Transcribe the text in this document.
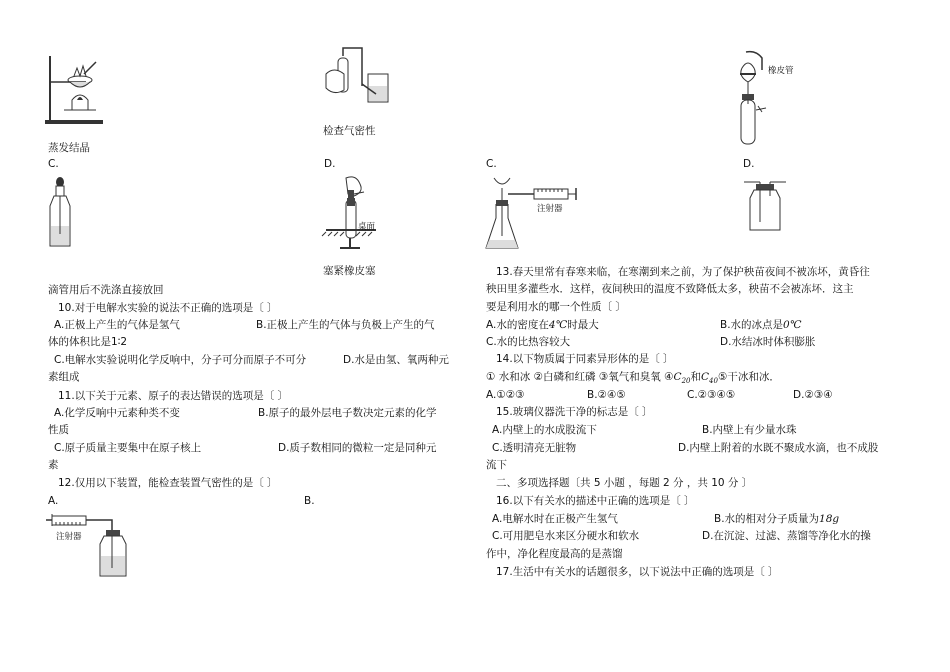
蒸发结晶
检查气密性
C.	D.
滴管用后不洗涤直接放回
桌面
塞紧橡皮塞
橡皮管
C.	D.
注射器
10.对于电解水实验的说法不正确的选项是〔 〕
A.正极上产生的气体是氢气	B.正极上产生的气体与负极上产生的气
体的体积比是1∶2
C.电解水实验说明化学反响中，分子可分而原子不可分	D.水是由氢、氧两种元
素组成
11.以下关于元素、原子的表达错误的选项是〔 〕
A.化学反响中元素种类不变	B.原子的最外层电子数决定元素的化学
性质
C.原子质量主要集中在原子核上	D.质子数相同的微粒一定是同种元
素
12.仅用以下装置，能检查装置气密性的是〔 〕
A.	B.
注射器
13.春天里常有春寒来临，在寒潮到来之前，为了保护秧苗夜间不被冻坏，黄昏往
秧田里多灌些水．这样，夜间秧田的温度不致降低太多，秧苗不会被冻坏．这主
要是利用水的哪一个性质〔 〕
A.水的密度在4℃时最大	B.水的冰点是0℃
C.水的比热容较大	D.水结冰时体积膨胀
14.以下物质属于同素异形体的是〔 〕
① 水和冰 ②白磷和红磷 ③氧气和臭氧 $④C_{20}$和$C_{40}⑤$干冰和冰．
A.①②③	B.②④⑤	C.②③④⑤	D.②③④
15.玻璃仪器洗干净的标志是〔 〕
A.内壁上的水成股流下	B.内壁上有少量水珠
C.透明清亮无脏物	D.内壁上附着的水既不聚成水滴，也不成股
流下
二、多项选择题〔共 5 小题 ，每题 2 分 ，共 10 分 〕
16.以下有关水的描述中正确的选项是〔 〕
A.电解水时在正极产生氢气	B.水的相对分子质量为18g
C.可用肥皂水来区分硬水和软水	D.在沉淀、过滤、蒸馏等净化水的操
作中，净化程度最高的是蒸馏
17.生活中有关水的话题很多，以下说法中正确的选项是〔 〕
